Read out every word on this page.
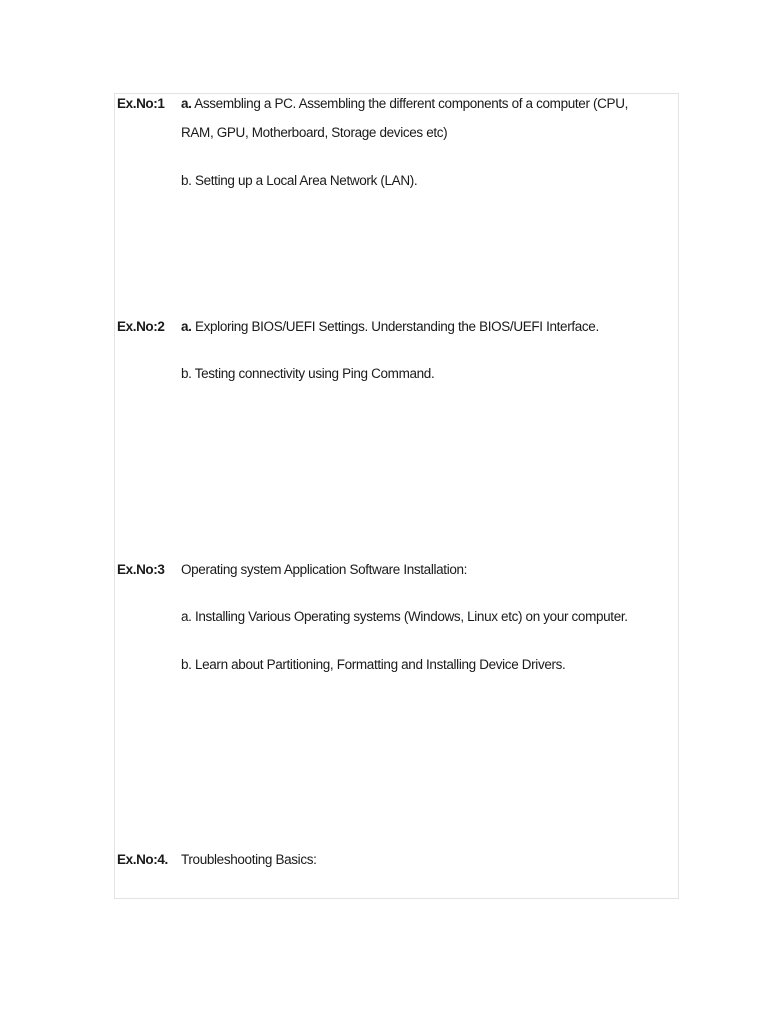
Ex.No:1 a. Assembling a PC. Assembling the different components of a computer (CPU,
RAM, GPU, Motherboard, Storage devices etc)
b. Setting up a Local Area Network (LAN).
Ex.No:2 a. Exploring BIOS/UEFI Settings. Understanding the BIOS/UEFI Interface.
b. Testing connectivity using Ping Command.
Ex.No:3 Operating system Application Software Installation:
a. Installing Various Operating systems (Windows, Linux etc) on your computer.
b. Learn about Partitioning, Formatting and Installing Device Drivers.
Ex.No:4. Troubleshooting Basics:
